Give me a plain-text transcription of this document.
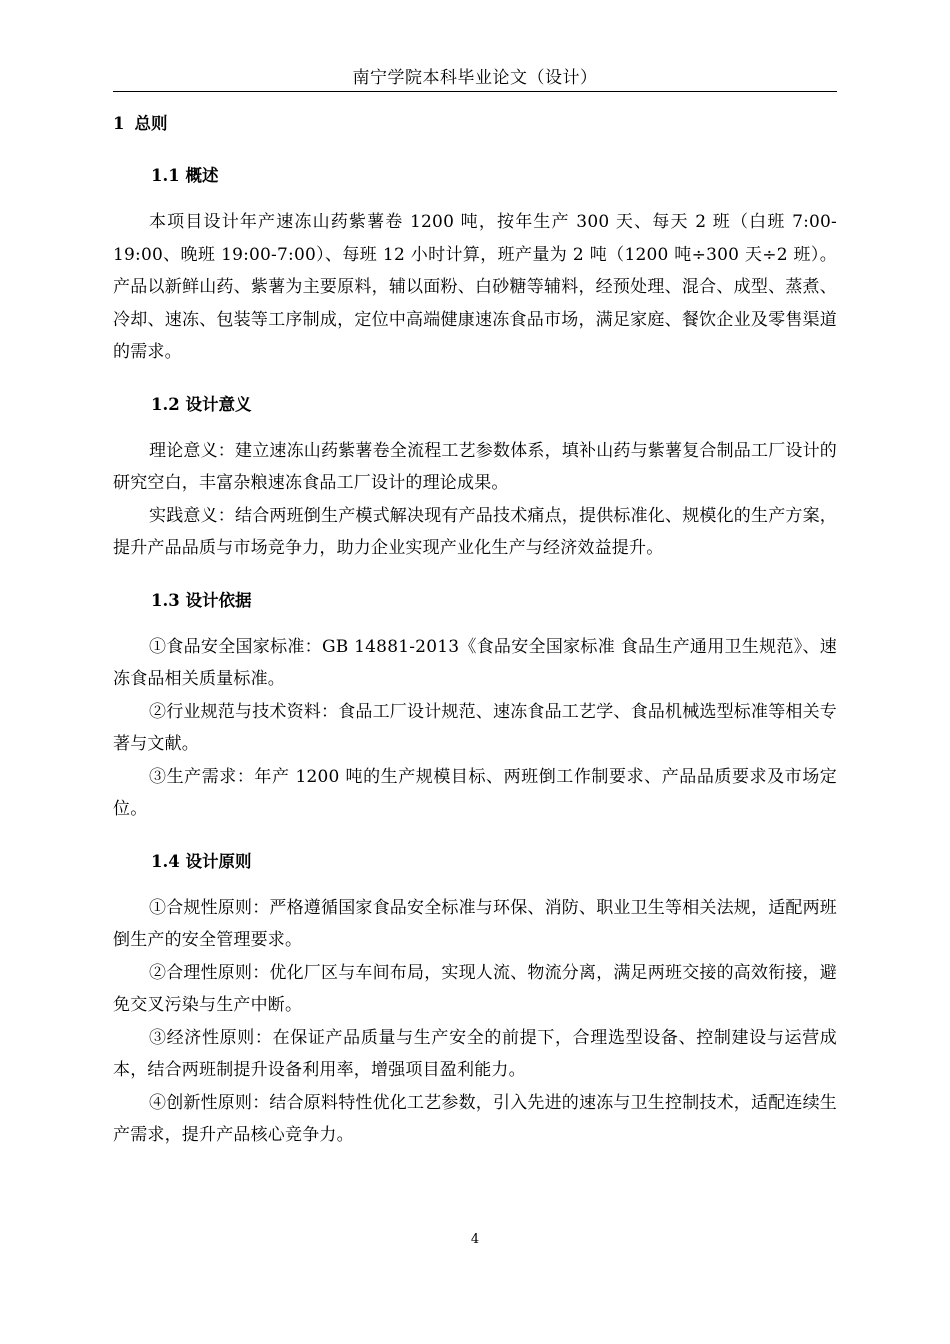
南宁学院本科毕业论文（设计）
1 总则
1.1 概述

本项目设计年产速冻山药紫薯卷 1200 吨，按年生产 300 天、每天 2 班（白班 7:00-19:00、晚班 19:00-7:00）、每班 12 小时计算，班产量为 2 吨（1200 吨÷300 天÷2 班）。产品以新鲜山药、紫薯为主要原料，辅以面粉、白砂糖等辅料，经预处理、混合、成型、蒸煮、冷却、速冻、包装等工序制成，定位中高端健康速冻食品市场，满足家庭、餐饮企业及零售渠道的需求。

1.2 设计意义

理论意义：建立速冻山药紫薯卷全流程工艺参数体系，填补山药与紫薯复合制品工厂设计的研究空白，丰富杂粮速冻食品工厂设计的理论成果。

实践意义：结合两班倒生产模式解决现有产品技术痛点，提供标准化、规模化的生产方案，提升产品品质与市场竞争力，助力企业实现产业化生产与经济效益提升。

1.3 设计依据

①食品安全国家标准：GB 14881-2013《食品安全国家标准 食品生产通用卫生规范》、速冻食品相关质量标准。

②行业规范与技术资料：食品工厂设计规范、速冻食品工艺学、食品机械选型标准等相关专著与文献。

③生产需求：年产 1200 吨的生产规模目标、两班倒工作制要求、产品品质要求及市场定位。

1.4 设计原则

①合规性原则：严格遵循国家食品安全标准与环保、消防、职业卫生等相关法规，适配两班倒生产的安全管理要求。

②合理性原则：优化厂区与车间布局，实现人流、物流分离，满足两班交接的高效衔接，避免交叉污染与生产中断。

③经济性原则：在保证产品质量与生产安全的前提下，合理选型设备、控制建设与运营成本，结合两班制提升设备利用率，增强项目盈利能力。

④创新性原则：结合原料特性优化工艺参数，引入先进的速冻与卫生控制技术，适配连续生产需求，提升产品核心竞争力。

4
